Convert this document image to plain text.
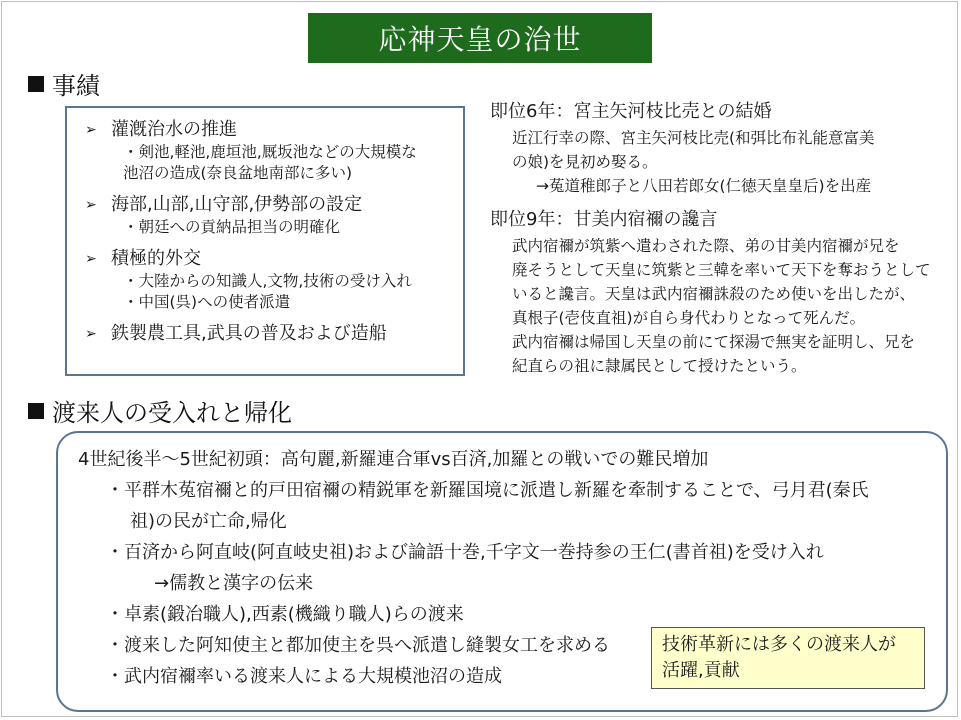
応神天皇の治世
事績
➢ 灌漑治水の推進
・剣池,軽池,鹿垣池,厩坂池などの大規模な
池沼の造成(奈良盆地南部に多い)
➢ 海部,山部,山守部,伊勢部の設定
・朝廷への貢納品担当の明確化
➢ 積極的外交
・大陸からの知識人,文物,技術の受け入れ
・中国(呉)への使者派遣
➢ 鉄製農工具,武具の普及および造船
即位6年：宮主矢河枝比売との結婚
近江行幸の際、宮主矢河枝比売(和弭比布礼能意富美
の娘)を見初め娶る。
→菟道稚郎子と八田若郎女(仁徳天皇皇后)を出産
即位9年：甘美内宿禰の讒言
武内宿禰が筑紫へ遣わされた際、弟の甘美内宿禰が兄を
廃そうとして天皇に筑紫と三韓を率いて天下を奪おうとして
いると讒言。天皇は武内宿禰誅殺のため使いを出したが、
真根子(壱伎直祖)が自ら身代わりとなって死んだ。
武内宿禰は帰国し天皇の前にて探湯で無実を証明し、兄を
紀直らの祖に隷属民として授けたという。
渡来人の受入れと帰化
4世紀後半～5世紀初頭：高句麗,新羅連合軍vs百済,加羅との戦いでの難民増加
・平群木菟宿禰と的戸田宿禰の精鋭軍を新羅国境に派遣し新羅を牽制することで、弓月君(秦氏
祖)の民が亡命,帰化
・百済から阿直岐(阿直岐史祖)および論語十巻,千字文一巻持参の王仁(書首祖)を受け入れ
→儒教と漢字の伝来
・卓素(鍛冶職人),西素(機織り職人)らの渡来
・渡来した阿知使主と都加使主を呉へ派遣し縫製女工を求める
・武内宿禰率いる渡来人による大規模池沼の造成
技術革新には多くの渡来人が
活躍,貢献
